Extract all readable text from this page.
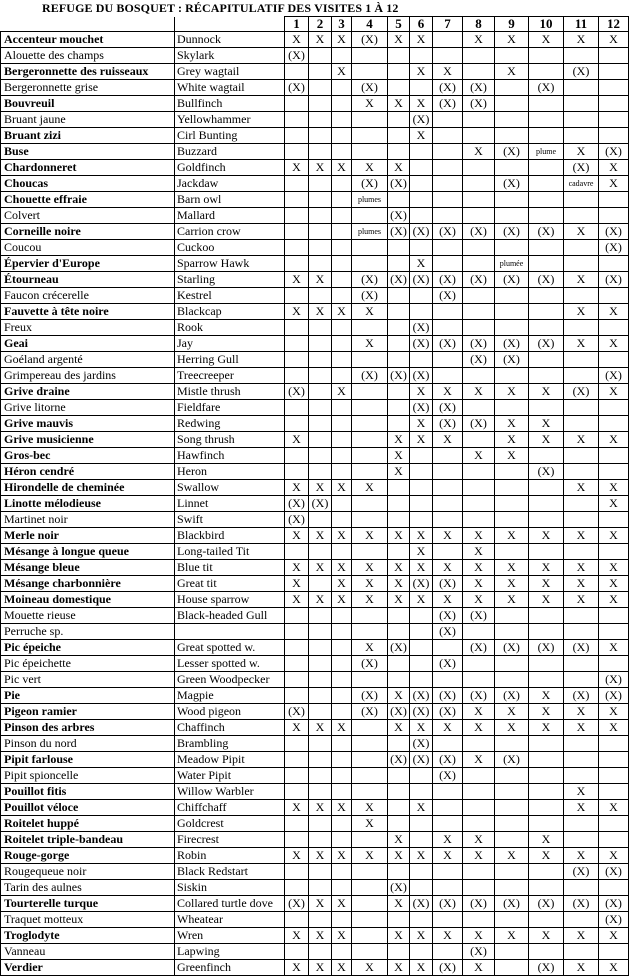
REFUGE DU BOSQUET : RÉCAPITULATIF DES VISITES 1 À 12
		1	2	3	4	5	6	7	8	9	10	11	12
Accenteur mouchet	Dunnock	X	X	X	(X)	X	X		X	X	X	X	X
Alouette des champs	Skylark	(X)											
Bergeronnette des ruisseaux	Grey wagtail			X			X	X		X		(X)	
Bergeronnette grise	White wagtail	(X)			(X)			(X)	(X)		(X)		
Bouvreuil	Bullfinch				X	X	X	(X)	(X)				
Bruant jaune	Yellowhammer						(X)						
Bruant zizi	Cirl Bunting						X						
Buse	Buzzard								X	(X)	plume	X	(X)
Chardonneret	Goldfinch	X	X	X	X	X						(X)	X
Choucas	Jackdaw				(X)	(X)				(X)		cadavre	X
Chouette effraie	Barn owl				plumes								
Colvert	Mallard					(X)							
Corneille noire	Carrion crow				plumes	(X)	(X)	(X)	(X)	(X)	(X)	X	(X)
Coucou	Cuckoo												(X)
Épervier d'Europe	Sparrow Hawk						X			plumée			
Étourneau	Starling	X	X		(X)	(X)	(X)	(X)	(X)	(X)	(X)	X	(X)
Faucon crécerelle	Kestrel				(X)			(X)					
Fauvette à tête noire	Blackcap	X	X	X	X							X	X
Freux	Rook						(X)						
Geai	Jay				X		(X)	(X)	(X)	(X)	(X)	X	X
Goéland argenté	Herring Gull								(X)	(X)			
Grimpereau des jardins	Treecreeper				(X)	(X)	(X)						(X)
Grive draine	Mistle thrush	(X)		X			X	X	X	X	X	(X)	X
Grive litorne	Fieldfare						(X)	(X)					
Grive mauvis	Redwing						X	(X)	(X)	X	X		
Grive musicienne	Song thrush	X				X	X	X		X	X	X	X
Gros-bec	Hawfinch					X			X	X			
Héron cendré	Heron					X					(X)		
Hirondelle de cheminée	Swallow	X	X	X	X							X	X
Linotte mélodieuse	Linnet	(X)	(X)										X
Martinet noir	Swift	(X)											
Merle noir	Blackbird	X	X	X	X	X	X	X	X	X	X	X	X
Mésange à longue queue	Long-tailed Tit						X		X				
Mésange bleue	Blue tit	X	X	X	X	X	X	X	X	X	X	X	X
Mésange charbonnière	Great tit	X		X	X	X	(X)	(X)	X	X	X	X	X
Moineau domestique	House sparrow	X	X	X	X	X	X	X	X	X	X	X	X
Mouette rieuse	Black-headed Gull							(X)	(X)				
Perruche sp.								(X)					
Pic épeiche	Great spotted w.				X	(X)			(X)	(X)	(X)	(X)	X
Pic épeichette	Lesser spotted w.				(X)			(X)					
Pic vert	Green Woodpecker												(X)
Pie	Magpie				(X)	X	(X)	(X)	(X)	(X)	X	(X)	(X)
Pigeon ramier	Wood pigeon	(X)			(X)	(X)	(X)	(X)	X	X	X	X	X
Pinson des arbres	Chaffinch	X	X	X		X	X	X	X	X	X	X	X
Pinson du nord	Brambling						(X)						
Pipit farlouse	Meadow Pipit					(X)	(X)	(X)	X	(X)			
Pipit spioncelle	Water Pipit							(X)					
Pouillot fitis	Willow Warbler											X	
Pouillot véloce	Chiffchaff	X	X	X	X		X					X	X
Roitelet huppé	Goldcrest				X								
Roitelet triple-bandeau	Firecrest					X		X	X		X		
Rouge-gorge	Robin	X	X	X	X	X	X	X	X	X	X	X	X
Rougequeue noir	Black Redstart											(X)	(X)
Tarin des aulnes	Siskin					(X)							
Tourterelle turque	Collared turtle dove	(X)	X	X		X	(X)	(X)	(X)	(X)	(X)	(X)	(X)
Traquet motteux	Wheatear												(X)
Troglodyte	Wren	X	X	X		X	X	X	X	X	X	X	X
Vanneau	Lapwing								(X)				
Verdier	Greenfinch	X	X	X	X	X	X	(X)	X		(X)	X	X
